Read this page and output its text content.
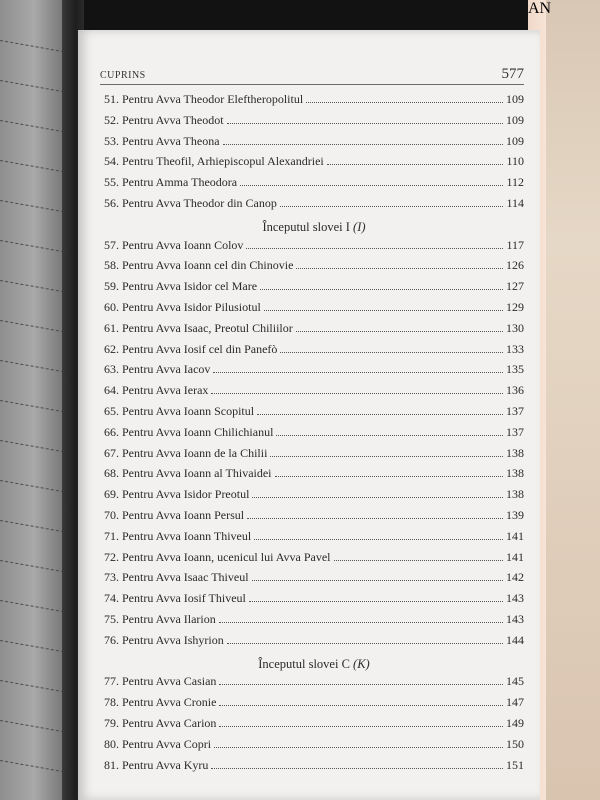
AN
CUPRINS	577
51. Pentru Avva Theodor Eleftheropolitul	109
52. Pentru Avva Theodot	109
53. Pentru Avva Theona	109
54. Pentru Theofil, Arhiepiscopul Alexandriei	110
55. Pentru Amma Theodora	112
56. Pentru Avva Theodor din Canop	114
Începutul slovei I (I)
57. Pentru Avva Ioann Colov	117
58. Pentru Avva Ioann cel din Chinovie	126
59. Pentru Avva Isidor cel Mare	127
60. Pentru Avva Isidor Pilusiotul	129
61. Pentru Avva Isaac, Preotul Chiliilor	130
62. Pentru Avva Iosif cel din Panefò	133
63. Pentru Avva Iacov	135
64. Pentru Avva Ierax	136
65. Pentru Avva Ioann Scopitul	137
66. Pentru Avva Ioann Chilichianul	137
67. Pentru Avva Ioann de la Chilii	138
68. Pentru Avva Ioann al Thivaidei	138
69. Pentru Avva Isidor Preotul	138
70. Pentru Avva Ioann Persul	139
71. Pentru Avva Ioann Thiveul	141
72. Pentru Avva Ioann, ucenicul lui Avva Pavel	141
73. Pentru Avva Isaac Thiveul	142
74. Pentru Avva Iosif Thiveul	143
75. Pentru Avva Ilarion	143
76. Pentru Avva Ishyrion	144
Începutul slovei C (K)
77. Pentru Avva Casian	145
78. Pentru Avva Cronie	147
79. Pentru Avva Carion	149
80. Pentru Avva Copri	150
81. Pentru Avva Kyru	151
